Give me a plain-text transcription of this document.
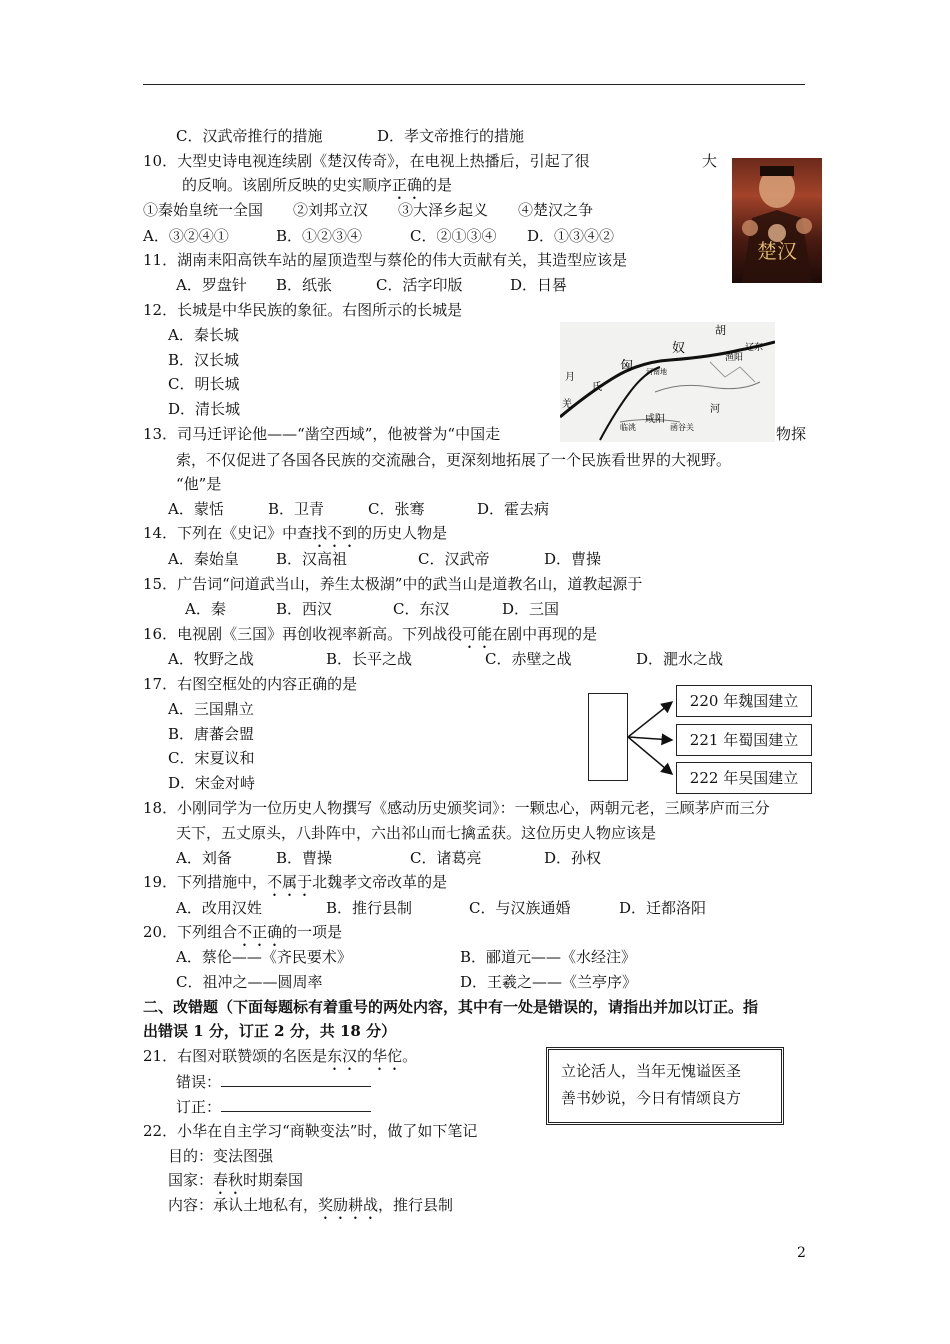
C．汉武帝推行的措施	D．孝文帝推行的措施
10．大型史诗电视连续剧《楚汉传奇》，在电视上热播后，引起了很	大
的反响。该剧所反映的史实顺序正确的是
①秦始皇统一全国　　②刘邦立汉　　③大泽乡起义　　④楚汉之争
A．③②④①	B．①②③④	C．②①③④ D．①③④②
楚汉
11．湖南耒阳高铁车站的屋顶造型与蔡伦的伟大贡献有关，其造型应该是
A．罗盘针 B．纸张	C．活字印版	D．日晷
12．长城是中华民族的象征。右图所示的长城是
A．秦长城
B．汉长城
C．明长城
D．清长城
胡
奴
匈
辽东
渔阳
河南地
月
氏
羌
咸阳
河
临洮	函谷关
13．司马迁评论他——“凿空西域”，他被誉为“中国走	物探
索，不仅促进了各国各民族的交流融合，更深刻地拓展了一个民族看世界的大视野。
“他”是
A．蒙恬	B．卫青	C．张骞	D．霍去病
14．下列在《史记》中查找不到的历史人物是
A．秦始皇 B．汉高祖	C．汉武帝	D．曹操
15．广告词“问道武当山，养生太极湖”中的武当山是道教名山，道教起源于
A．秦	B．西汉	C．东汉	D．三国
16．电视剧《三国》再创收视率新高。下列战役可能在剧中再现的是
A．牧野之战	B．长平之战	C．赤壁之战	D．淝水之战
17．右图空框处的内容正确的是
A．三国鼎立
B．唐蕃会盟
C．宋夏议和
D．宋金对峙
220 年魏国建立
221 年蜀国建立
222 年吴国建立
18．小刚同学为一位历史人物撰写《感动历史颁奖词》：一颗忠心，两朝元老，三顾茅庐而三分
天下，五丈原头，八卦阵中，六出祁山而七擒孟获。这位历史人物应该是
A．刘备	B．曹操	C．诸葛亮	D．孙权
19．下列措施中，不属于北魏孝文帝改革的是
A．改用汉姓	B．推行县制	C．与汉族通婚	D．迁都洛阳
20．下列组合不正确的一项是
A．蔡伦——《齐民要术》	B．郦道元——《水经注》
C．祖冲之——圆周率	D．王羲之——《兰亭序》
二、改错题（下面每题标有着重号的两处内容，其中有一处是错误的，请指出并加以订正。指
出错误 1 分，订正 2 分，共 18 分）
21．右图对联赞颂的名医是东汉的华佗。
错误：
订正：
立论活人，当年无愧谥医圣
善书妙说，今日有情颂良方
22．小华在自主学习“商鞅变法”时，做了如下笔记
目的：变法图强
国家：春秋时期秦国
内容：承认土地私有，奖励耕战，推行县制
2
